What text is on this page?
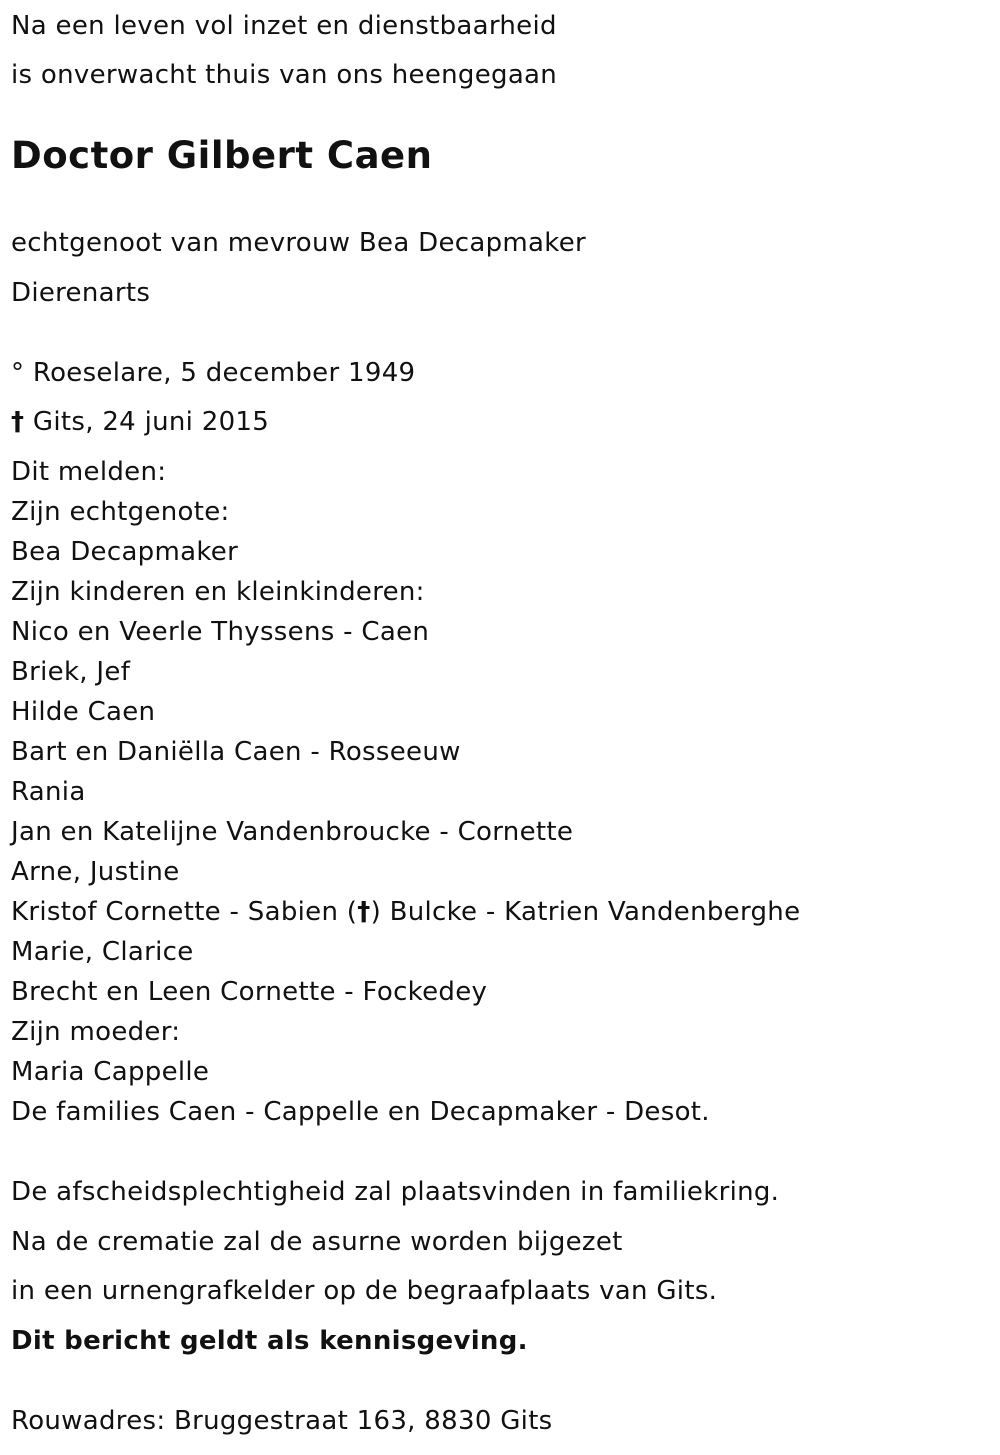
Na een leven vol inzet en dienstbaarheid
is onverwacht thuis van ons heengegaan
Doctor Gilbert Caen
echtgenoot van mevrouw Bea Decapmaker
Dierenarts
° Roeselare, 5 december 1949
† Gits, 24 juni 2015
Dit melden:
Zijn echtgenote:
Bea Decapmaker
Zijn kinderen en kleinkinderen:
Nico en Veerle Thyssens - Caen
Briek, Jef
Hilde Caen
Bart en Daniëlla Caen - Rosseeuw
Rania
Jan en Katelijne Vandenbroucke - Cornette
Arne, Justine
Kristof Cornette - Sabien (†) Bulcke - Katrien Vandenberghe
Marie, Clarice
Brecht en Leen Cornette - Fockedey
Zijn moeder:
Maria Cappelle
De families Caen - Cappelle en Decapmaker - Desot.
De afscheidsplechtigheid zal plaatsvinden in familiekring.
Na de crematie zal de asurne worden bijgezet
in een urnengrafkelder op de begraafplaats van Gits.
Dit bericht geldt als kennisgeving.
Rouwadres: Bruggestraat 163, 8830 Gits
